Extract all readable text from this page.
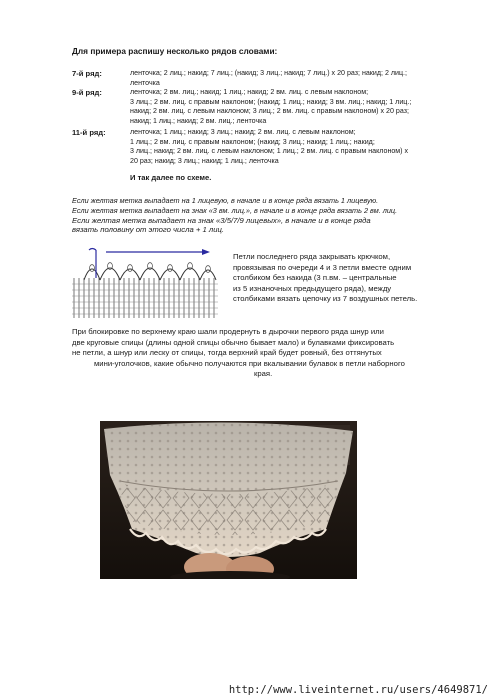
Для примера распишу несколько рядов словами:
7-й ряд:	ленточка; 2 лиц.; накид; 7 лиц.; (накид; 3 лиц.; накид; 7 лиц.) х 20 раз; накид; 2 лиц.;
ленточка
9-й ряд:	ленточка; 2 вм. лиц.; накид; 1 лиц.; накид; 2 вм. лиц. с левым наклоном;
3 лиц.; 2 вм. лиц. с правым наклоном; (накид; 1 лиц.; накид; 3 вм. лиц.; накид; 1 лиц.;
накид; 2 вм. лиц. с левым наклоном; 3 лиц.; 2 вм. лиц. с правым наклоном) х 20 раз;
накид; 1 лиц.; накид; 2 вм. лиц.; ленточка
11-й ряд:	ленточка; 1 лиц.; накид; 3 лиц.; накид; 2 вм. лиц. с левым наклоном;
1 лиц.; 2 вм. лиц. с правым наклоном; (накид; 3 лиц.; накид; 1 лиц.; накид;
3 лиц.; накид; 2 вм. лиц. с левым наклоном; 1 лиц.; 2 вм. лиц. с правым наклоном) х
20 раз; накид; 3 лиц.; накид; 1 лиц.; ленточка
И так далее по схеме.
Если желтая метка выпадает на 1 лицевую, в начале и в конце ряда вязать 1 лицевую.
Если желтая метка выпадает на знак «3 вм. лиц.», в начале и в конце ряда вязать 2 вм. лиц.
Если желтая метка выпадает на знак «3/5/7/9 лицевых», в начале и в конце ряда
вязать половину от этого числа + 1 лиц.
Петли последнего ряда закрывать крючком,
провязывая по очереди 4 и 3 петли вместе одним
столбиком без накида (3 п.вм. – центральные
из 5 изнаночных предыдущего ряда), между
столбиками вязать цепочку из 7 воздушных петель.
При блокировке по верхнему краю шали продернуть в дырочки первого ряда шнур или
две круговые спицы (длины одной спицы обычно бывает мало) и булавками фиксировать
не петли, а шнур или леску от спицы, тогда верхний край будет ровный, без оттянутых
мини-уголочков, какие обычно получаются при вкалывании булавок в петли наборного
края.
http://www.liveinternet.ru/users/4649871/
